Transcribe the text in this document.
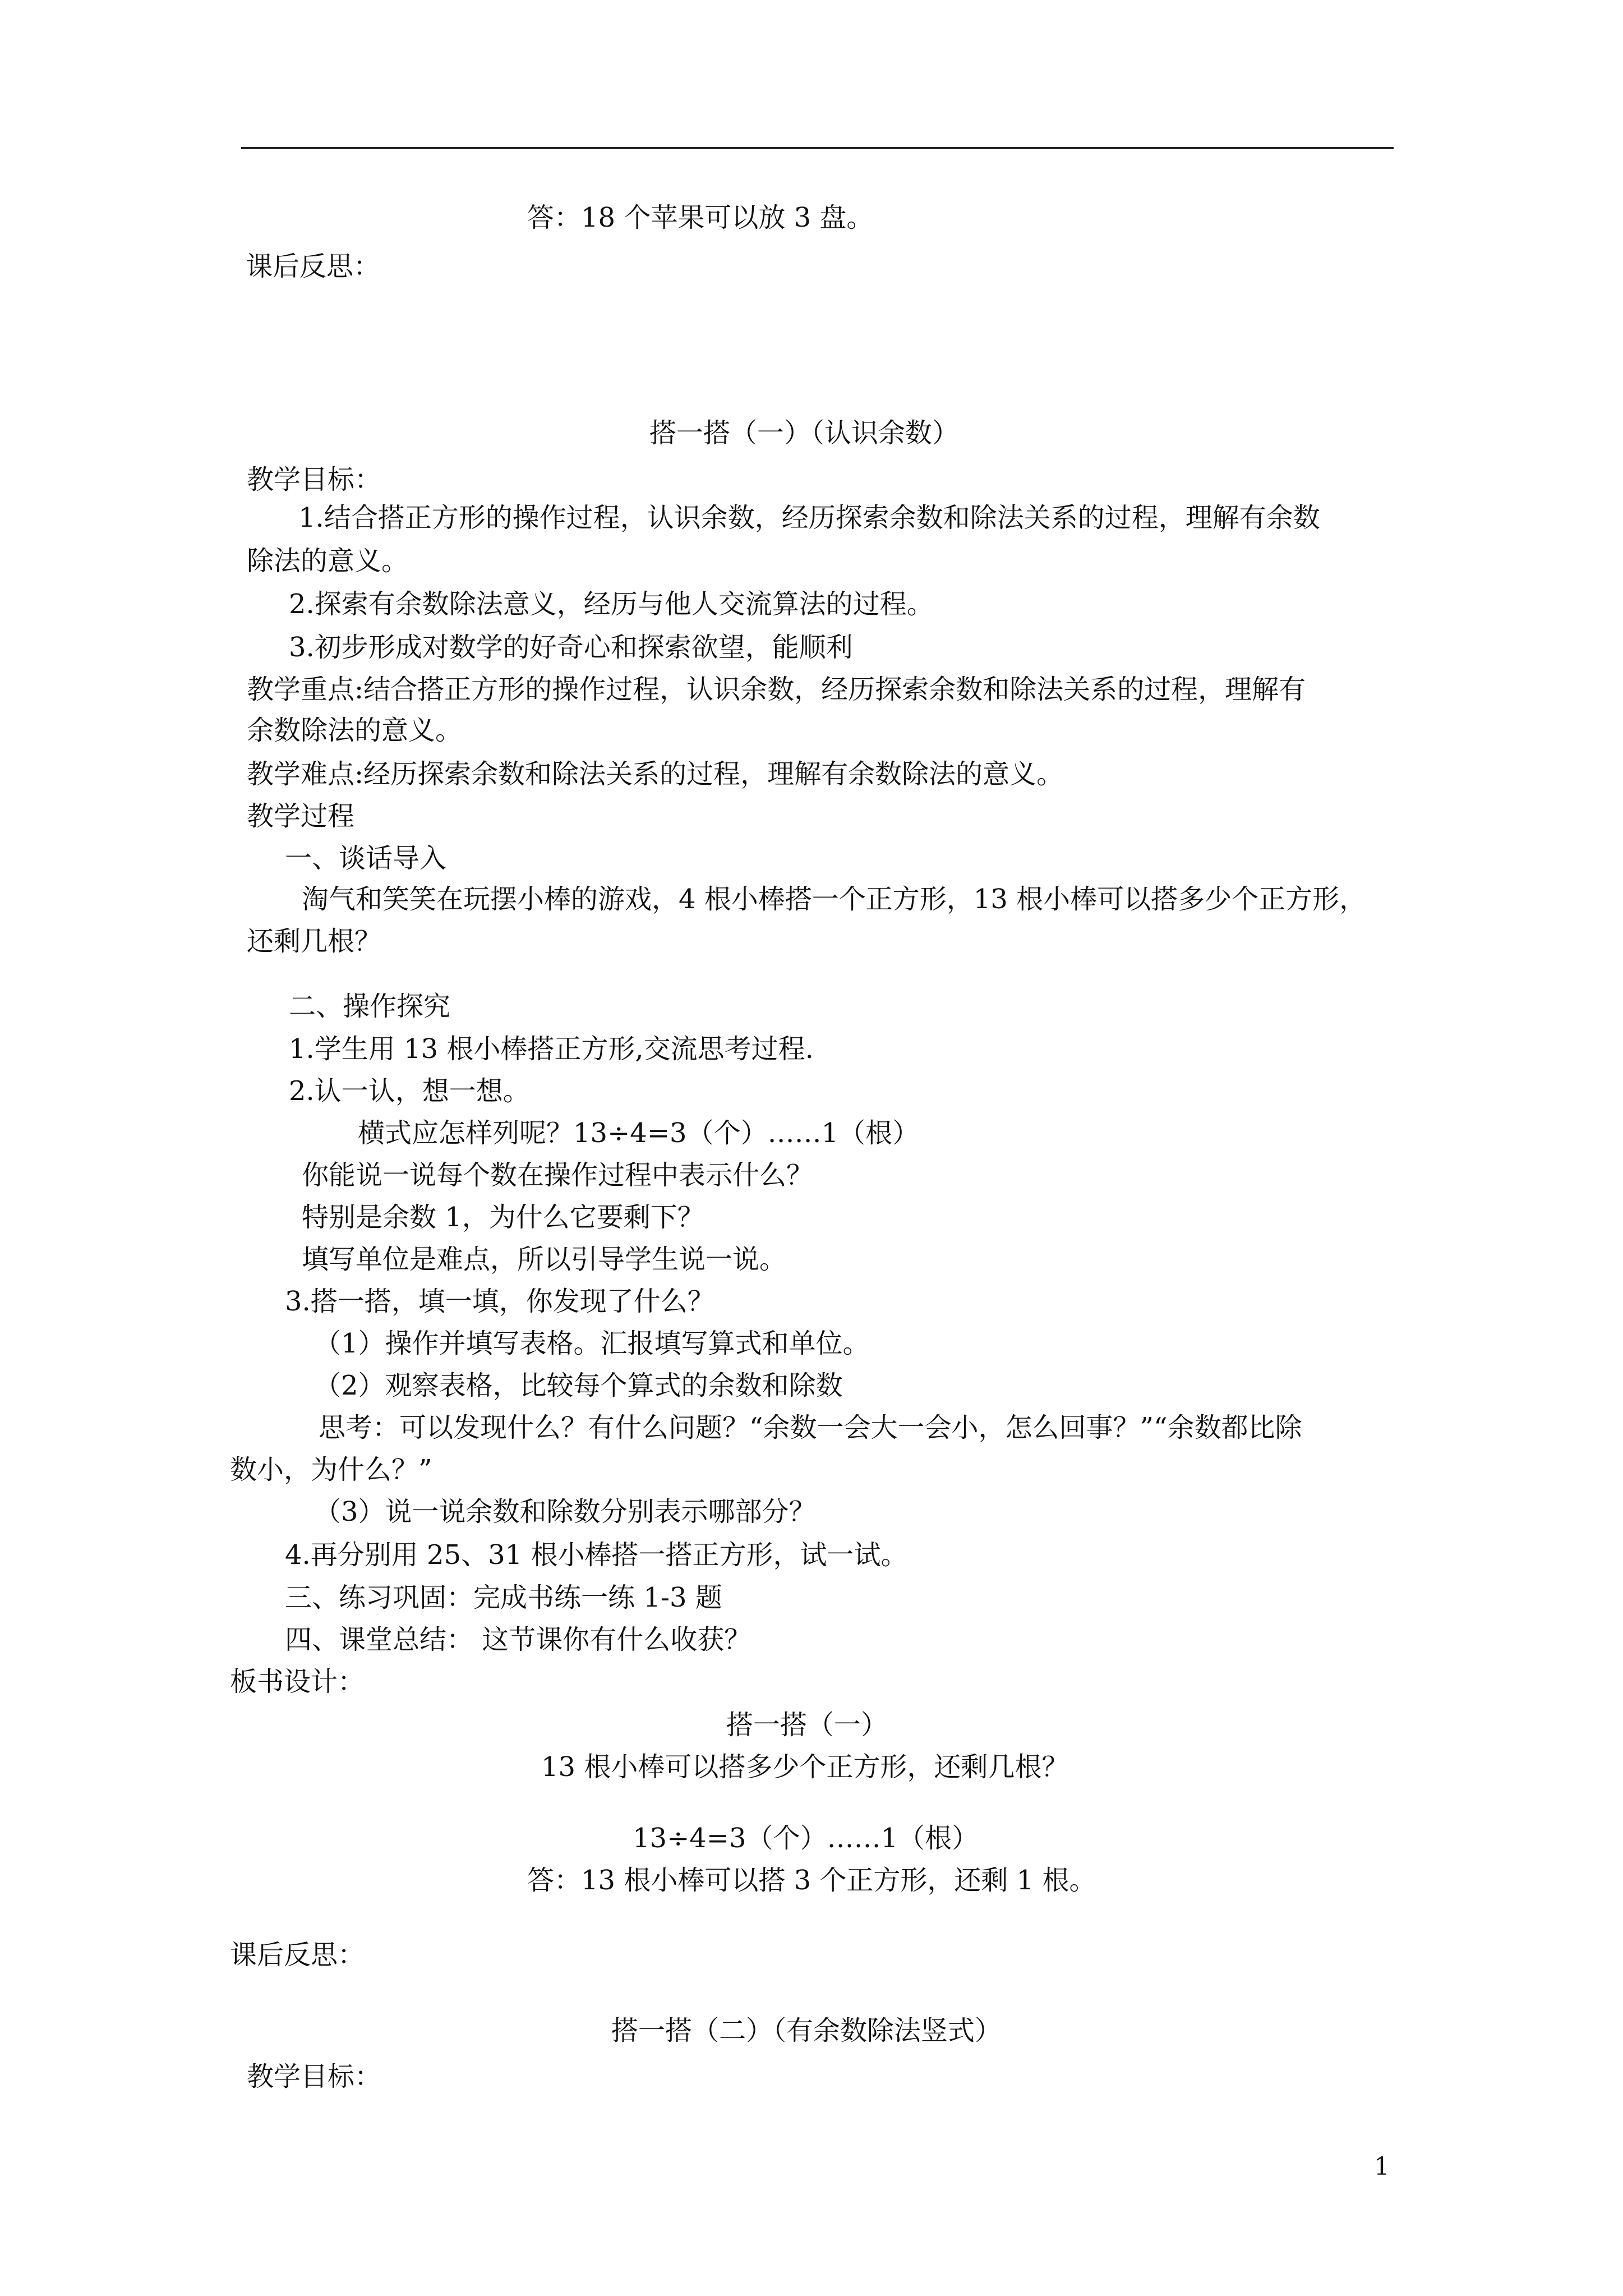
答：18 个苹果可以放 3 盘。
课后反思：
搭一搭（一）（认识余数）
教学目标：
1.结合搭正方形的操作过程，认识余数，经历探索余数和除法关系的过程，理解有余数
除法的意义。
2.探索有余数除法意义，经历与他人交流算法的过程。
3.初步形成对数学的好奇心和探索欲望，能顺利
教学重点:结合搭正方形的操作过程，认识余数，经历探索余数和除法关系的过程，理解有
余数除法的意义。
教学难点:经历探索余数和除法关系的过程，理解有余数除法的意义。
教学过程
一、谈话导入
淘气和笑笑在玩摆小棒的游戏，4 根小棒搭一个正方形，13 根小棒可以搭多少个正方形，
还剩几根？
二、操作探究
1.学生用 13 根小棒搭正方形,交流思考过程.
2.认一认，想一想。
横式应怎样列呢？13÷4=3（个）……1（根）
你能说一说每个数在操作过程中表示什么？
特别是余数 1，为什么它要剩下？
填写单位是难点，所以引导学生说一说。
3.搭一搭，填一填，你发现了什么？
（1）操作并填写表格。汇报填写算式和单位。
（2）观察表格，比较每个算式的余数和除数
思考：可以发现什么？有什么问题？“余数一会大一会小，怎么回事？”“余数都比除
数小，为什么？”
（3）说一说余数和除数分别表示哪部分？
4.再分别用 25、31 根小棒搭一搭正方形，试一试。
三、练习巩固：完成书练一练 1-3 题
四、课堂总结： 这节课你有什么收获？
板书设计：
搭一搭（一）
13 根小棒可以搭多少个正方形，还剩几根？
13÷4=3（个）……1（根）
答：13 根小棒可以搭 3 个正方形，还剩 1 根。
课后反思：
搭一搭（二）（有余数除法竖式）
教学目标：
1
